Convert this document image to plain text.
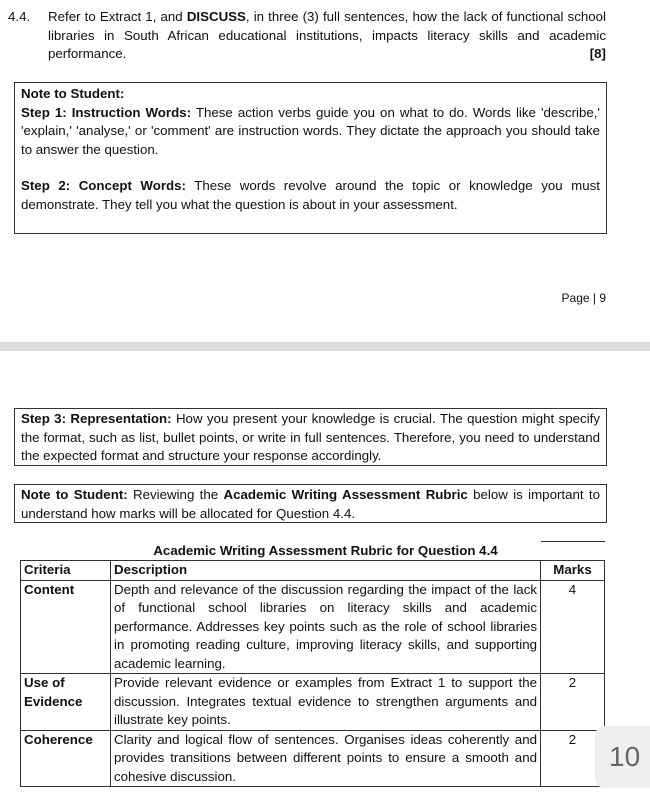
4.4. Refer to Extract 1, and DISCUSS, in three (3) full sentences, how the lack of functional school libraries in South African educational institutions, impacts literacy skills and academic performance.	[8]

Note to Student:

Step 1: Instruction Words: These action verbs guide you on what to do. Words like 'describe,' 'explain,' 'analyse,' or 'comment' are instruction words. They dictate the approach you should take to answer the question.

Step 2: Concept Words: These words revolve around the topic or knowledge you must demonstrate. They tell you what the question is about in your assessment.

Page | 9
Step 3: Representation: How you present your knowledge is crucial. The question might specify the format, such as list, bullet points, or write in full sentences. Therefore, you need to understand the expected format and structure your response accordingly.
Note to Student: Reviewing the Academic Writing Assessment Rubric below is important to understand how marks will be allocated for Question 4.4.
	Academic Writing Assessment Rubric for Question 4.4	
Criteria	Description	Marks
Content	Depth and relevance of the discussion regarding the impact of the lack of functional school libraries on literacy skills and academic performance. Addresses key points such as the role of school libraries in promoting reading culture, improving literacy skills, and supporting academic learning.	4
Use of Evidence	Provide relevant evidence or examples from Extract 1 to support the discussion. Integrates textual evidence to strengthen arguments and illustrate key points.	2
Coherence	Clarity and logical flow of sentences. Organises ideas coherently and provides transitions between different points to ensure a smooth and cohesive discussion.	2
10
